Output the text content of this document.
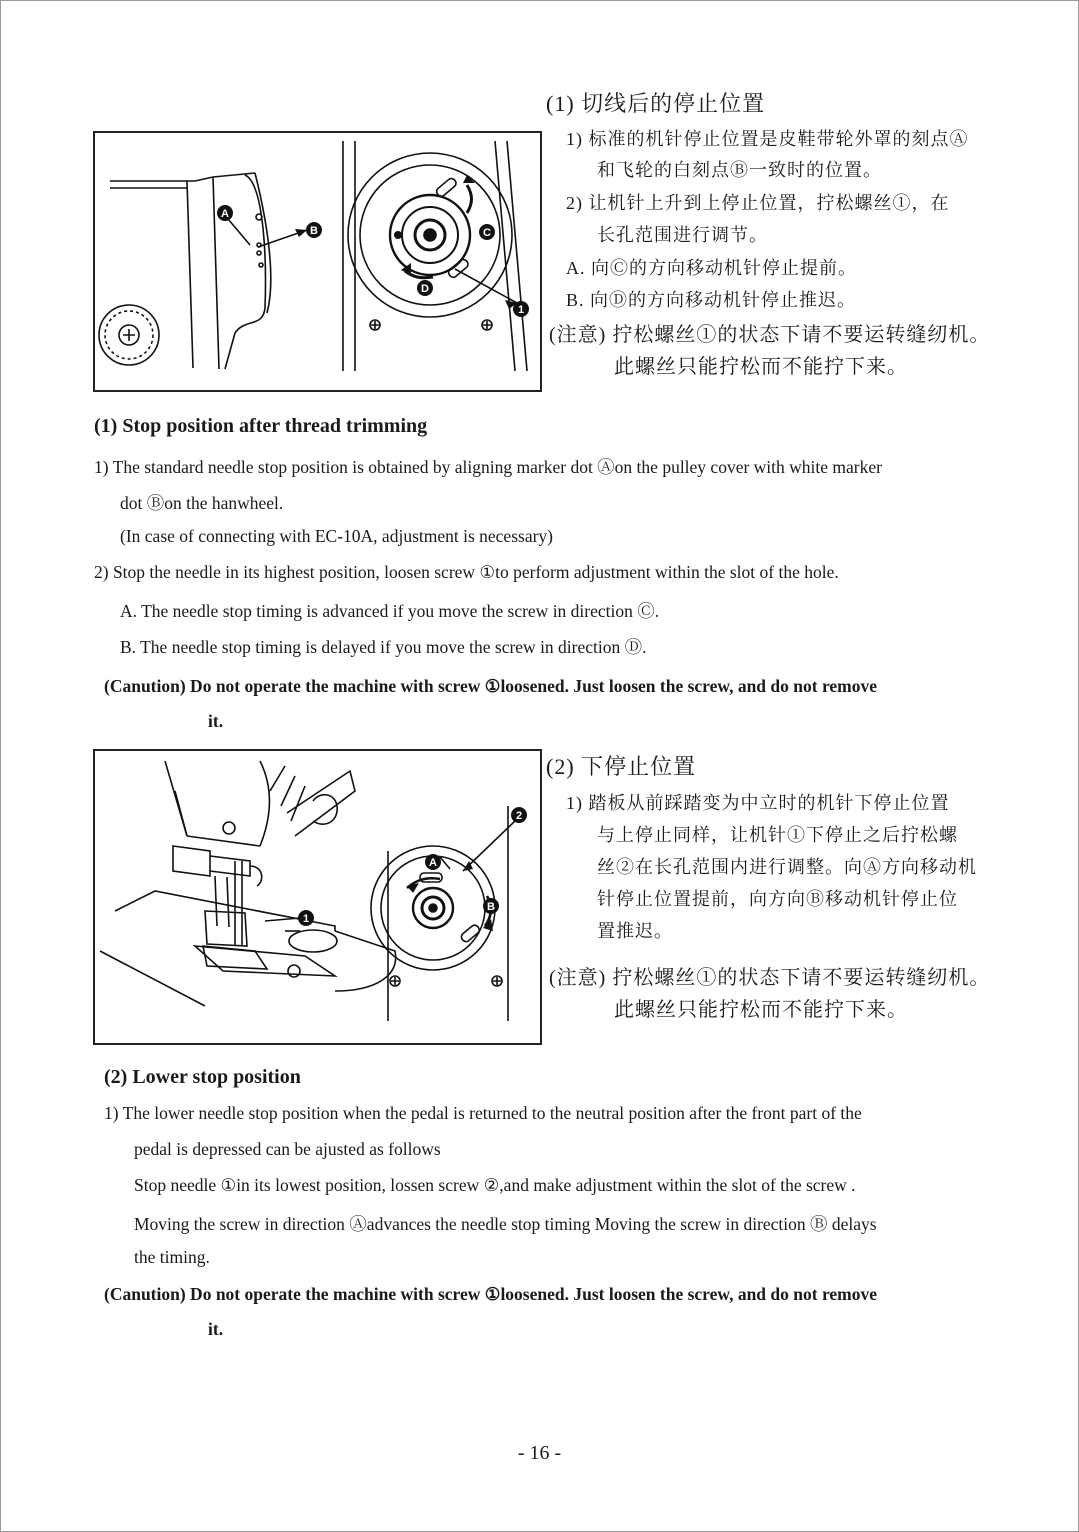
A
B	C
D
1
(1) 切线后的停止位置
1) 标准的机针停止位置是皮鞋带轮外罩的刻点Ⓐ
和飞轮的白刻点Ⓑ一致时的位置。
2) 让机针上升到上停止位置，拧松螺丝①，在
长孔范围进行调节。
A. 向Ⓒ的方向移动机针停止提前。
B. 向Ⓓ的方向移动机针停止推迟。
(注意) 拧松螺丝①的状态下请不要运转缝纫机。
此螺丝只能拧松而不能拧下来。
(1) Stop position after thread trimming
1) The standard needle stop position is obtained by aligning marker dot Ⓐon the pulley cover with white marker
dot Ⓑon the hanwheel.
(In case of connecting with EC-10A, adjustment is necessary)
2) Stop the needle in its highest position, loosen screw ①to perform adjustment within the slot of the hole.
A. The needle stop timing is advanced if you move the screw in direction Ⓒ.
B. The needle stop timing is delayed if you move the screw in direction Ⓓ.
(Canution) Do not operate the machine with screw ①loosened. Just loosen the screw, and do not remove
it.
A
B
1
2
(2) 下停止位置
1) 踏板从前踩踏变为中立时的机针下停止位置
与上停止同样，让机针①下停止之后拧松螺
丝②在长孔范围内进行调整。向Ⓐ方向移动机
针停止位置提前，向方向Ⓑ移动机针停止位
置推迟。
(注意) 拧松螺丝①的状态下请不要运转缝纫机。
此螺丝只能拧松而不能拧下来。
(2) Lower stop position
1) The lower needle stop position when the pedal is returned to the neutral position after the front part of the
pedal is depressed can be ajusted as follows
Stop needle ①in its lowest position, lossen screw ②,and make adjustment within the slot of the screw .
Moving the screw in direction Ⓐadvances the needle stop timing Moving the screw in direction Ⓑ delays
the timing.
(Canution) Do not operate the machine with screw ①loosened. Just loosen the screw, and do not remove
it.
- 16 -
